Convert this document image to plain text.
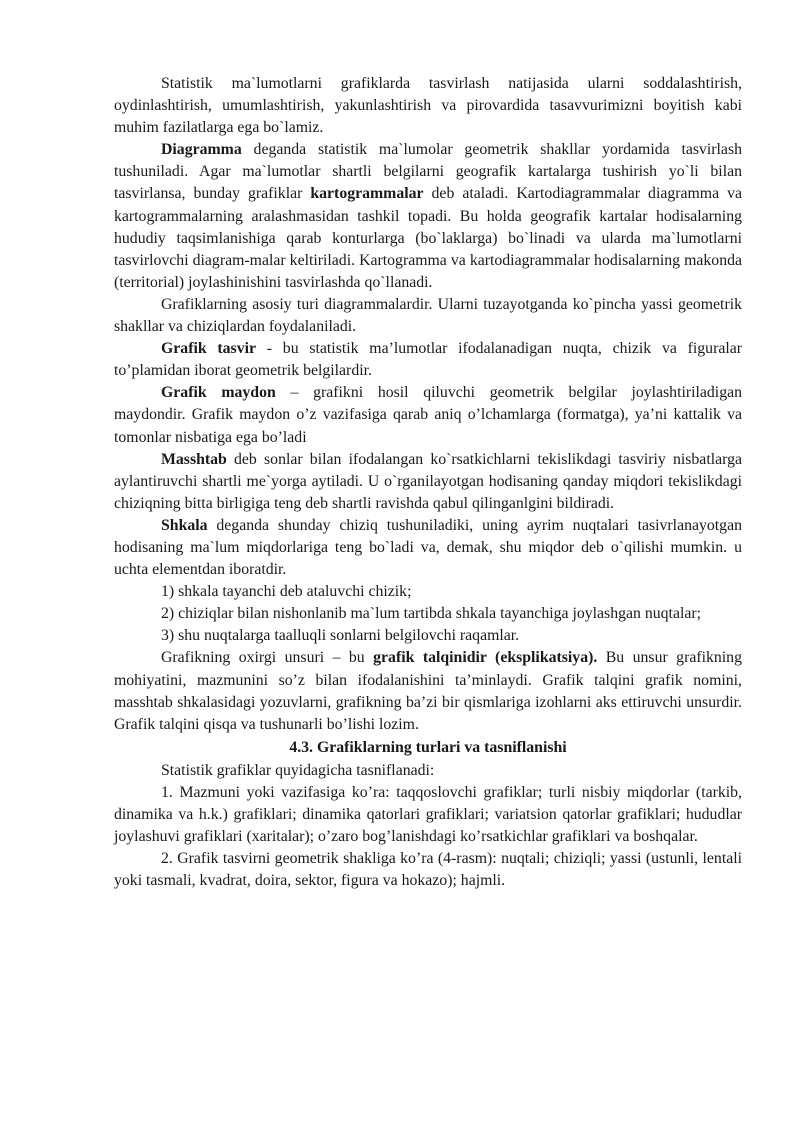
Statistik ma`lumotlarni grafiklarda tasvirlash natijasida ularni soddalashtirish, oydinlashtirish, umumlashtirish, yakunlashtirish va pirovardida tasavvurimizni boyitish kabi muhim fazilatlarga ega bo`lamiz.

Diagramma deganda statistik ma`lumolar geometrik shakllar yordamida tasvirlash tushuniladi. Agar ma`lumotlar shartli belgilarni geografik kartalarga tushirish yo`li bilan tasvirlansa, bunday grafiklar kartogrammalar deb ataladi. Kartodiagrammalar diagramma va kartogrammalarning aralashmasidan tashkil topadi. Bu holda geografik kartalar hodisalarning hududiy taqsimlanishiga qarab konturlarga (bo`laklarga) bo`linadi va ularda ma`lumotlarni tasvirlovchi diagram-malar keltiriladi. Kartogramma va kartodiagrammalar hodisalarning makonda (territorial) joylashinishini tasvirlashda qo`llanadi.

Grafiklarning asosiy turi diagrammalardir. Ularni tuzayotganda ko`pincha yassi geometrik shakllar va chiziqlardan foydalaniladi.

Grafik tasvir - bu statistik ma’lumotlar ifodalanadigan nuqta, chizik va figuralar to’plamidan iborat geometrik belgilardir.

Grafik maydon – grafikni hosil qiluvchi geometrik belgilar joylashtiriladigan

maydondir. Grafik maydon o’z vazifasiga qarab aniq o’lchamlarga (formatga), ya’ni kattalik va tomonlar nisbatiga ega bo’ladi

Masshtab deb sonlar bilan ifodalangan ko`rsatkichlarni tekislikdagi tasviriy nisbatlarga aylantiruvchi shartli me`yorga aytiladi. U o`rganilayotgan hodisaning qanday miqdori tekislikdagi chiziqning bitta birligiga teng deb shartli ravishda qabul qilinganlgini bildiradi.

Shkala deganda shunday chiziq tushuniladiki, uning ayrim nuqtalari tasivrlanayotgan hodisaning ma`lum miqdorlariga teng bo`ladi va, demak, shu miqdor deb o`qilishi mumkin. u uchta elementdan iboratdir.

1) shkala tayanchi deb ataluvchi chizik;

2) chiziqlar bilan nishonlanib ma`lum tartibda shkala tayanchiga joylashgan nuqtalar;

3) shu nuqtalarga taalluqli sonlarni belgilovchi raqamlar.

Grafikning oxirgi unsuri – bu grafik talqinidir (eksplikatsiya). Bu unsur grafikning mohiyatini, mazmunini so’z bilan ifodalanishini ta’minlaydi. Grafik talqini grafik nomini, masshtab shkalasidagi yozuvlarni, grafikning ba’zi bir qismlariga izohlarni aks ettiruvchi unsurdir. Grafik talqini qisqa va tushunarli bo’lishi lozim.

4.3. Grafiklarning turlari va tasniflanishi

Statistik grafiklar quyidagicha tasniflanadi:

1. Mazmuni yoki vazifasiga ko’ra: taqqoslovchi grafiklar; turli nisbiy miqdorlar (tarkib, dinamika va h.k.) grafiklari; dinamika qatorlari grafiklari; variatsion qatorlar grafiklari; hududlar joylashuvi grafiklari (xaritalar); o’zaro bog’lanishdagi ko’rsatkichlar grafiklari va boshqalar.

2. Grafik tasvirni geometrik shakliga ko’ra (4-rasm): nuqtali; chiziqli; yassi (ustunli, lentali yoki tasmali, kvadrat, doira, sektor, figura va hokazo); hajmli.
